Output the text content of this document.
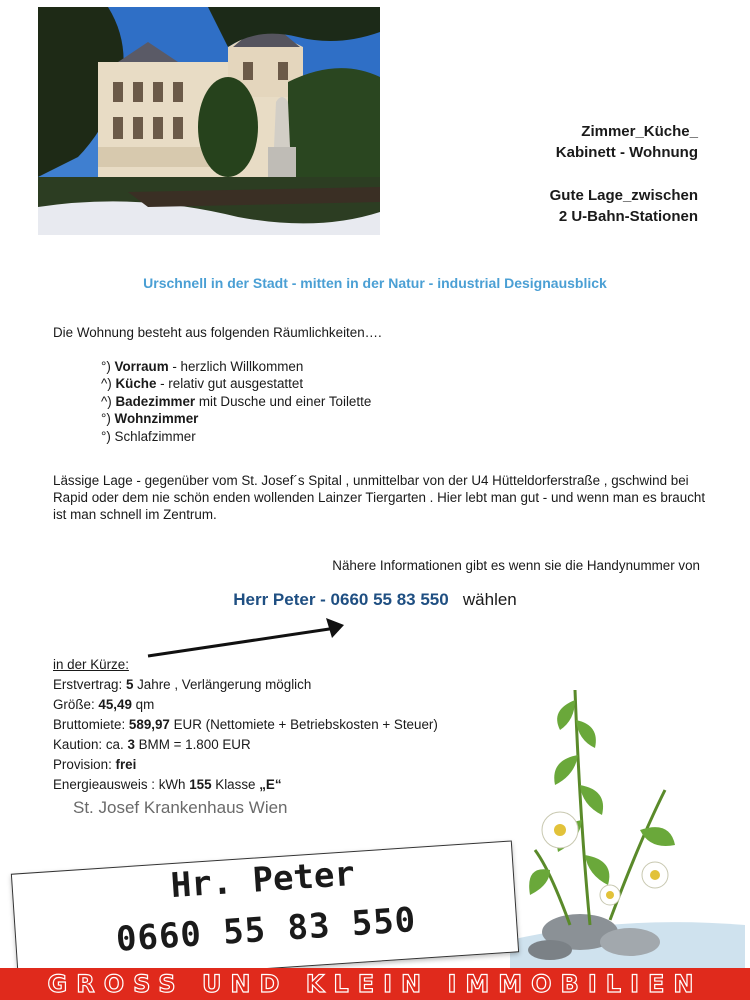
Zimmer_Küche_
Kabinett - Wohnung
Gute Lage_zwischen
2 U-Bahn-Stationen
Urschnell in der Stadt - mitten in der Natur - industrial Designausblick
Die Wohnung besteht aus folgenden Räumlichkeiten….
°) Vorraum - herzlich Willkommen
^) Küche - relativ gut ausgestattet
^) Badezimmer mit Dusche und einer Toilette
°) Wohnzimmer
°) Schlafzimmer
Lässige Lage - gegenüber vom St. Josef´s Spital , unmittelbar von der U4 Hütteldorferstraße , gschwind bei Rapid oder dem nie schön enden wollenden Lainzer Tiergarten . Hier lebt man gut - und wenn man es braucht ist man schnell im Zentrum.
Nähere Informationen gibt es wenn sie die Handynummer von
Herr Peter - 0660 55 83 550 wählen
in der Kürze:
Erstvertrag: 5 Jahre , Verlängerung möglich
Größe: 45,49 qm
Bruttomiete: 589,97 EUR (Nettomiete + Betriebskosten + Steuer)
Kaution: ca. 3 BMM = 1.800 EUR
Provision: frei
Energieausweis : kWh 155 Klasse „E“
St. Josef Krankenhaus Wien
Hr. Peter
0660 55 83 550
GROSS UND KLEIN IMMOBILIEN
